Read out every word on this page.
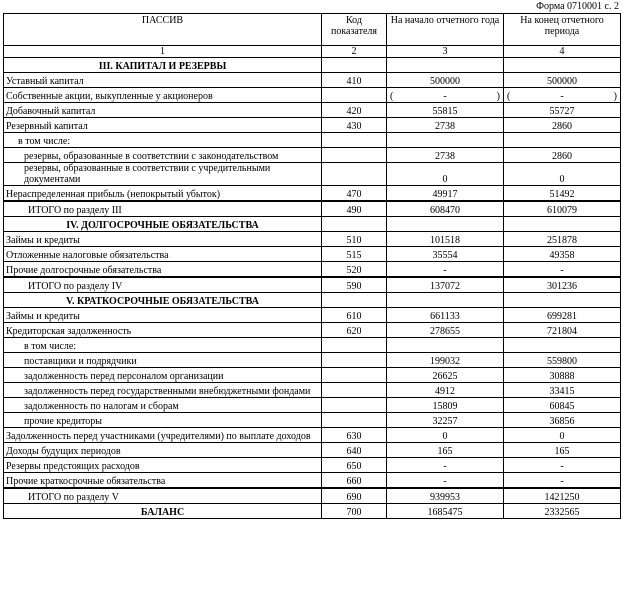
Форма 0710001 с. 2
ПАССИВ	Код показателя	На начало отчетного года	На конец отчетного периода
1	2	3	4
III. КАПИТАЛ И РЕЗЕРВЫ			
Уставный капитал	410	500000	500000
Собственные акции, выкупленные у акционеров		( - )	( - )

Добавочный капитал	420	55815	55727
Резервный капитал	430	2738	2860
в том числе:			
резервы, образованные в соответствии с законодательством		2738	2860
резервы, образованные в соответствии с учредительными документами		0	0
Нераспределенная прибыль (непокрытый убыток)	470	49917	51492
ИТОГО по разделу III	490	608470	610079
IV. ДОЛГОСРОЧНЫЕ ОБЯЗАТЕЛЬСТВА			
Займы и кредиты	510	101518	251878
Отложенные налоговые обязательства	515	35554	49358
Прочие долгосрочные обязательства	520	-	-
ИТОГО по разделу IV	590	137072	301236
V. КРАТКОСРОЧНЫЕ ОБЯЗАТЕЛЬСТВА			
Займы и кредиты	610	661133	699281
Кредиторская задолженность	620	278655	721804
в том числе:			
поставщики и подрядчики		199032	559800
задолженность перед персоналом организации		26625	30888
задолженность перед государственными внебюджетными фондами		4912	33415
задолженность по налогам и сборам		15809	60845
прочие кредиторы		32257	36856
Задолженность перед участниками (учредителями) по выплате доходов	630	0	0
Доходы будущих периодов	640	165	165
Резервы предстоящих расходов	650	-	-
Прочие краткосрочные обязательства	660	-	-
ИТОГО по разделу V	690	939953	1421250
БАЛАНС	700	1685475	2332565
